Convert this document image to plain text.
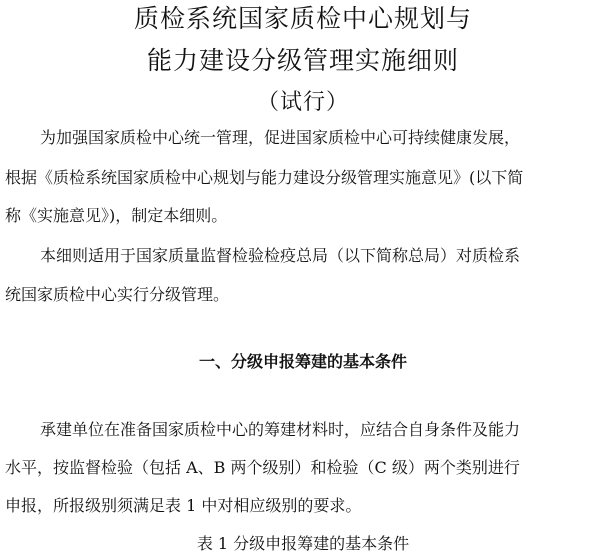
质检系统国家质检中心规划与
能力建设分级管理实施细则
（试行）
为加强国家质检中心统一管理，促进国家质检中心可持续健康发展，
根据《质检系统国家质检中心规划与能力建设分级管理实施意见》(以下简
称《实施意见》)，制定本细则。
本细则适用于国家质量监督检验检疫总局（以下简称总局）对质检系
统国家质检中心实行分级管理。
一、分级申报筹建的基本条件
承建单位在准备国家质检中心的筹建材料时，应结合自身条件及能力
水平，按监督检验（包括 A、B 两个级别）和检验（C 级）两个类别进行
申报，所报级别须满足表 1 中对相应级别的要求。
表 1 分级申报筹建的基本条件
